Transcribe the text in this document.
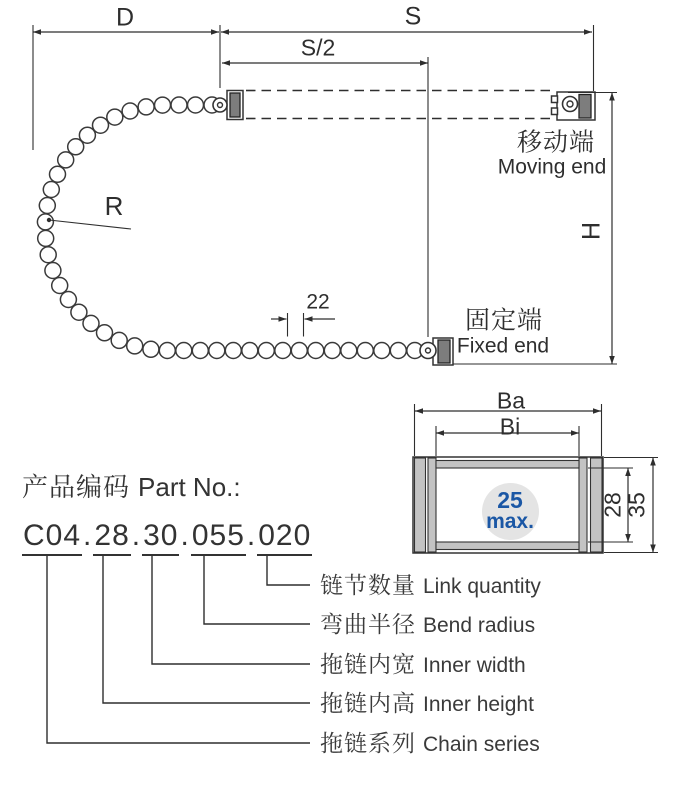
D	S
S/2
R
22
H
移动端
Moving end
固定端
Fixed end
Ba
Bi
28
35
25
max.
产品编码 Part No.:
C04.28.30.055.020
链节数量 Link quantity
弯曲半径 Bend radius
拖链内宽 Inner width
拖链内高 Inner height
拖链系列 Chain series
